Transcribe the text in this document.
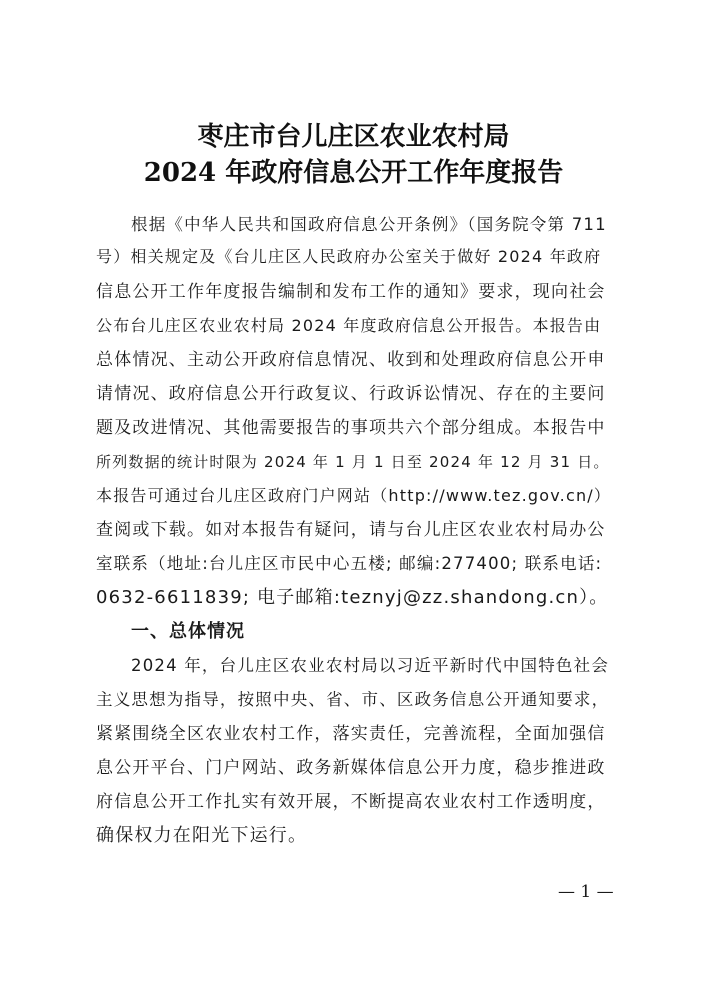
枣庄市台儿庄区农业农村局
2024 年政府信息公开工作年度报告
根据《中华人民共和国政府信息公开条例》（国务院令第 711
号）相关规定及《台儿庄区人民政府办公室关于做好 2024 年政府
信息公开工作年度报告编制和发布工作的通知》要求，现向社会
公布台儿庄区农业农村局 2024 年度政府信息公开报告。本报告由
总体情况、主动公开政府信息情况、收到和处理政府信息公开申
请情况、政府信息公开行政复议、行政诉讼情况、存在的主要问
题及改进情况、其他需要报告的事项共六个部分组成。本报告中
所列数据的统计时限为 2024 年 1 月 1 日至 2024 年 12 月 31 日。
本报告可通过台儿庄区政府门户网站（http://www.tez.gov.cn/）
查阅或下载。如对本报告有疑问，请与台儿庄区农业农村局办公
室联系（地址:台儿庄区市民中心五楼; 邮编:277400; 联系电话:
0632-6611839; 电子邮箱:teznyj@zz.shandong.cn）。
一、总体情况
2024 年，台儿庄区农业农村局以习近平新时代中国特色社会
主义思想为指导，按照中央、省、市、区政务信息公开通知要求，
紧紧围绕全区农业农村工作，落实责任，完善流程，全面加强信
息公开平台、门户网站、政务新媒体信息公开力度，稳步推进政
府信息公开工作扎实有效开展，不断提高农业农村工作透明度，
确保权力在阳光下运行。
— 1 —
